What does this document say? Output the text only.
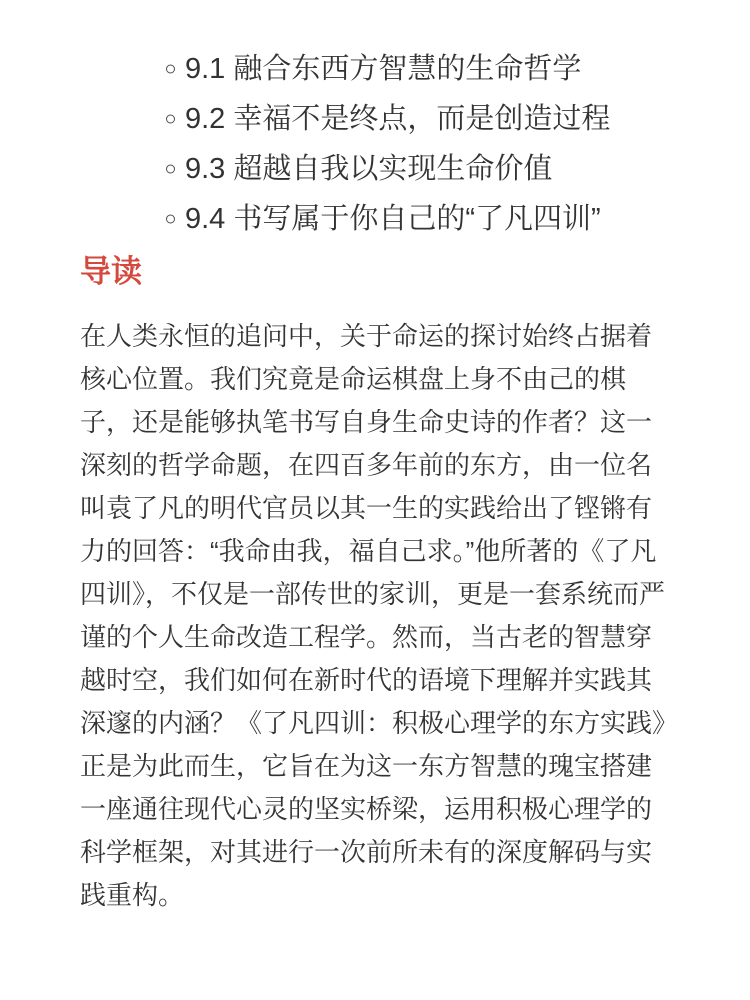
9.1 融合东西方智慧的生命哲学
9.2 幸福不是终点，而是创造过程
9.3 超越自我以实现生命价值
9.4 书写属于你自己的“了凡四训”
导读

在人类永恒的追问中，关于命运的探讨始终占据着核心位置。我们究竟是命运棋盘上身不由己的棋子，还是能够执笔书写自身生命史诗的作者？这一深刻的哲学命题，在四百多年前的东方，由一位名叫袁了凡的明代官员以其一生的实践给出了铿锵有力的回答：“我命由我，福自己求。”他所著的《了凡四训》，不仅是一部传世的家训，更是一套系统而严谨的个人生命改造工程学。然而，当古老的智慧穿越时空，我们如何在新时代的语境下理解并实践其深邃的内涵？《了凡四训：积极心理学的东方实践》正是为此而生，它旨在为这一东方智慧的瑰宝搭建一座通往现代心灵的坚实桥梁，运用积极心理学的科学框架，对其进行一次前所未有的深度解码与实践重构。
